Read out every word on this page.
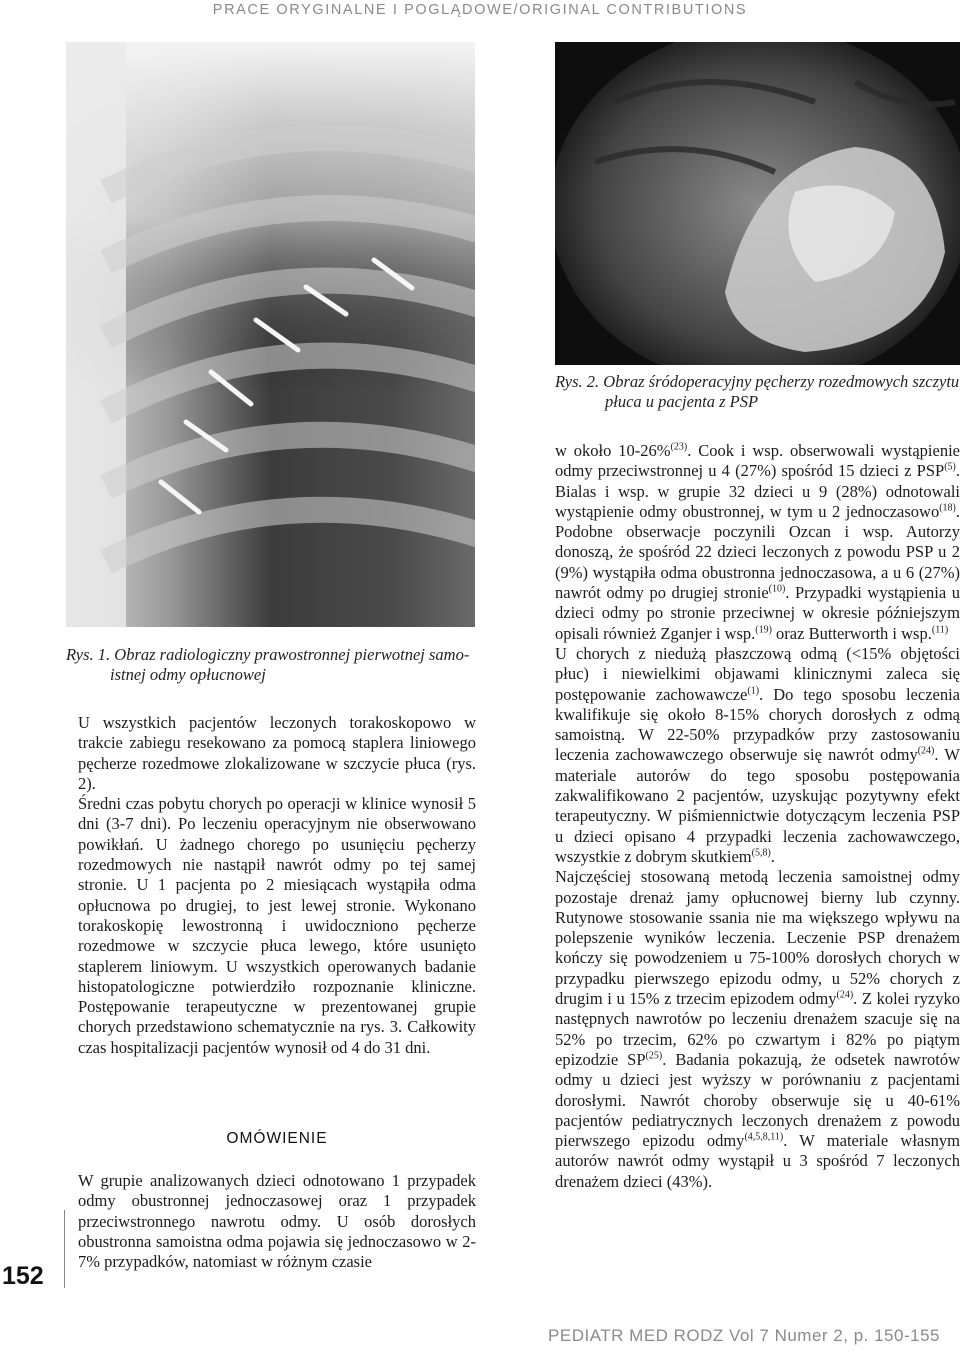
PRACE ORYGINALNE I POGLĄDOWE/ORIGINAL CONTRIBUTIONS
Rys. 2. Obraz śródoperacyjny pęcherzy rozedmowych szczytu
płuca u pacjenta z PSP
Rys. 1. Obraz radiologiczny prawostronnej pierwotnej samo-
istnej odmy opłucnowej

U wszystkich pacjentów leczonych torakoskopowo w trakcie zabiegu resekowano za pomocą staplera liniowego pęcherze rozedmowe zlokalizowane w szczycie płuca (rys. 2).

Średni czas pobytu chorych po operacji w klinice wynosił 5 dni (3-7 dni). Po leczeniu operacyjnym nie obserwowano powikłań. U żadnego chorego po usunięciu pęcherzy rozedmowych nie nastąpił nawrót odmy po tej samej stronie. U 1 pacjenta po 2 miesiącach wystąpiła odma opłucnowa po drugiej, to jest lewej stronie. Wykonano torakoskopię lewostronną i uwidoczniono pęcherze rozedmowe w szczycie płuca lewego, które usunięto staplerem liniowym. U wszystkich operowanych badanie histopatologiczne potwierdziło rozpoznanie kliniczne. Postępowanie terapeutyczne w prezentowanej grupie chorych przedstawiono schematycznie na rys. 3. Całkowity czas hospitalizacji pacjentów wynosił od 4 do 31 dni.

OMÓWIENIE

W grupie analizowanych dzieci odnotowano 1 przypadek odmy obustronnej jednoczasowej oraz 1 przypadek przeciwstronnego nawrotu odmy. U osób dorosłych obustronna samoistna odma pojawia się jednoczasowo w 2-7% przypadków, natomiast w różnym czasie

w około 10-26%$^{(23)}$. Cook i wsp. obserwowali wystąpienie odmy przeciwstronnej u 4 (27%) spośród 15 dzieci z PSP$^{(5)}$. Bialas i wsp. w grupie 32 dzieci u 9 (28%) odnotowali wystąpienie odmy obustronnej, w tym u 2 jednoczasowo$^{(18)}$. Podobne obserwacje poczynili Ozcan i wsp. Autorzy donoszą, że spośród 22 dzieci leczonych z powodu PSP u 2 (9%) wystąpiła odma obustronna jednoczasowa, a u 6 (27%) nawrót odmy po drugiej stronie$^{(10)}$. Przypadki wystąpienia u dzieci odmy po stronie przeciwnej w okresie późniejszym opisali również Zganjer i wsp.$^{(19)}$ oraz Butterworth i wsp.$^{(11)}$

U chorych z niedużą płaszczową odmą (<15% objętości płuc) i niewielkimi objawami klinicznymi zaleca się postępowanie zachowawcze$^{(1)}$. Do tego sposobu leczenia kwalifikuje się około 8-15% chorych dorosłych z odmą samoistną. W 22-50% przypadków przy zastosowaniu leczenia zachowawczego obserwuje się nawrót odmy$^{(24)}$. W materiale autorów do tego sposobu postępowania zakwalifikowano 2 pacjentów, uzyskując pozytywny efekt terapeutyczny. W piśmiennictwie dotyczącym leczenia PSP u dzieci opisano 4 przypadki leczenia zachowawczego, wszystkie z dobrym skutkiem$^{(5,8)}$.

Najczęściej stosowaną metodą leczenia samoistnej odmy pozostaje drenaż jamy opłucnowej bierny lub czynny. Rutynowe stosowanie ssania nie ma większego wpływu na polepszenie wyników leczenia. Leczenie PSP drenażem kończy się powodzeniem u 75-100% dorosłych chorych w przypadku pierwszego epizodu odmy, u 52% chorych z drugim i u 15% z trzecim epizodem odmy$^{(24)}$. Z kolei ryzyko następnych nawrotów po leczeniu drenażem szacuje się na 52% po trzecim, 62% po czwartym i 82% po piątym epizodzie SP$^{(25)}$. Badania pokazują, że odsetek nawrotów odmy u dzieci jest wyższy w porównaniu z pacjentami dorosłymi. Nawrót choroby obserwuje się u 40-61% pacjentów pediatrycznych leczonych drenażem z powodu pierwszego epizodu odmy$^{(4,5,8,11)}$. W materiale własnym autorów nawrót odmy wystąpił u 3 spośród 7 leczonych drenażem dzieci (43%).

152
PEDIATR MED RODZ Vol 7 Numer 2, p. 150-155
